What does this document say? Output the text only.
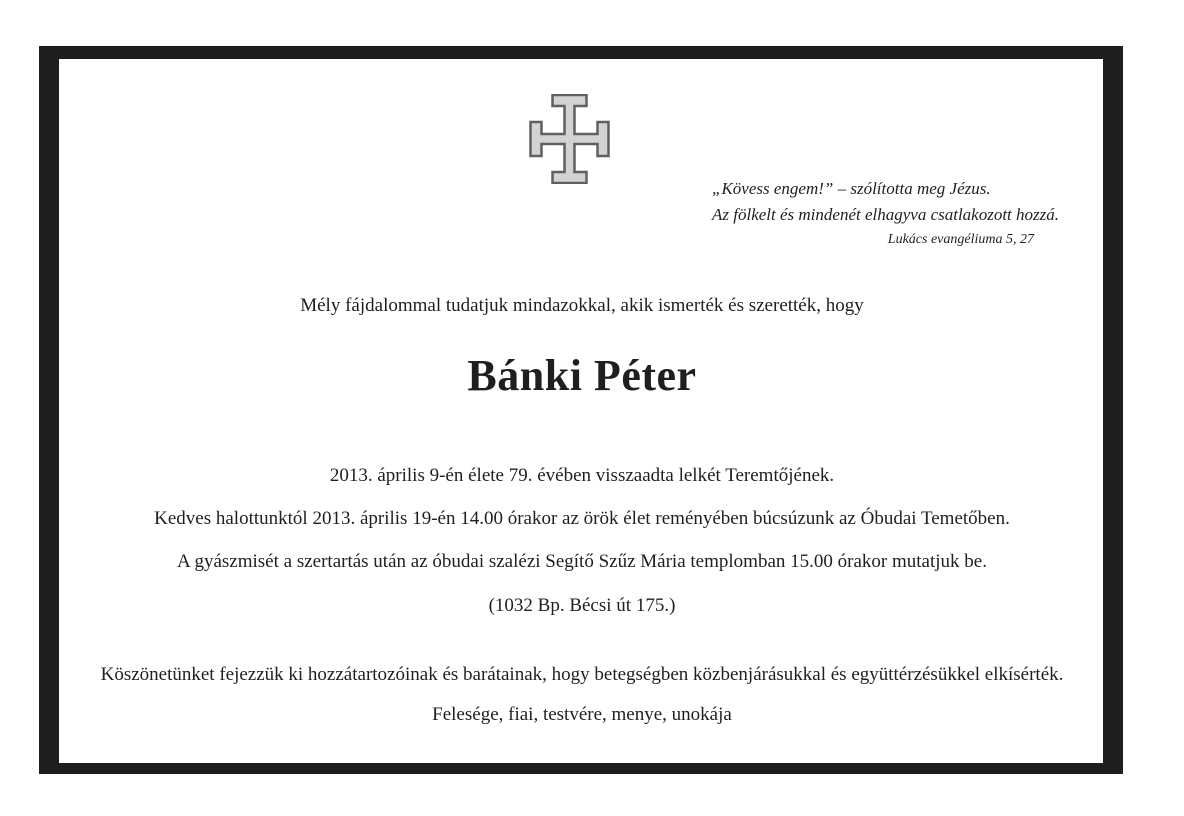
„Kövess engem!” – szólította meg Jézus.
Az fölkelt és mindenét elhagyva csatlakozott hozzá.
Lukács evangéliuma 5, 27
Mély fájdalommal tudatjuk mindazokkal, akik ismerték és szerették, hogy
Bánki Péter
2013. április 9-én élete 79. évében visszaadta lelkét Teremtőjének.
Kedves halottunktól 2013. április 19-én 14.00 órakor az örök élet reményében búcsúzunk az Óbudai Temetőben.
A gyászmisét a szertartás után az óbudai szalézi Segítő Szűz Mária templomban 15.00 órakor mutatjuk be.
(1032 Bp. Bécsi út 175.)
Köszönetünket fejezzük ki hozzátartozóinak és barátainak, hogy betegségben közbenjárásukkal és együttérzésükkel elkísérték.
Felesége, fiai, testvére, menye, unokája
